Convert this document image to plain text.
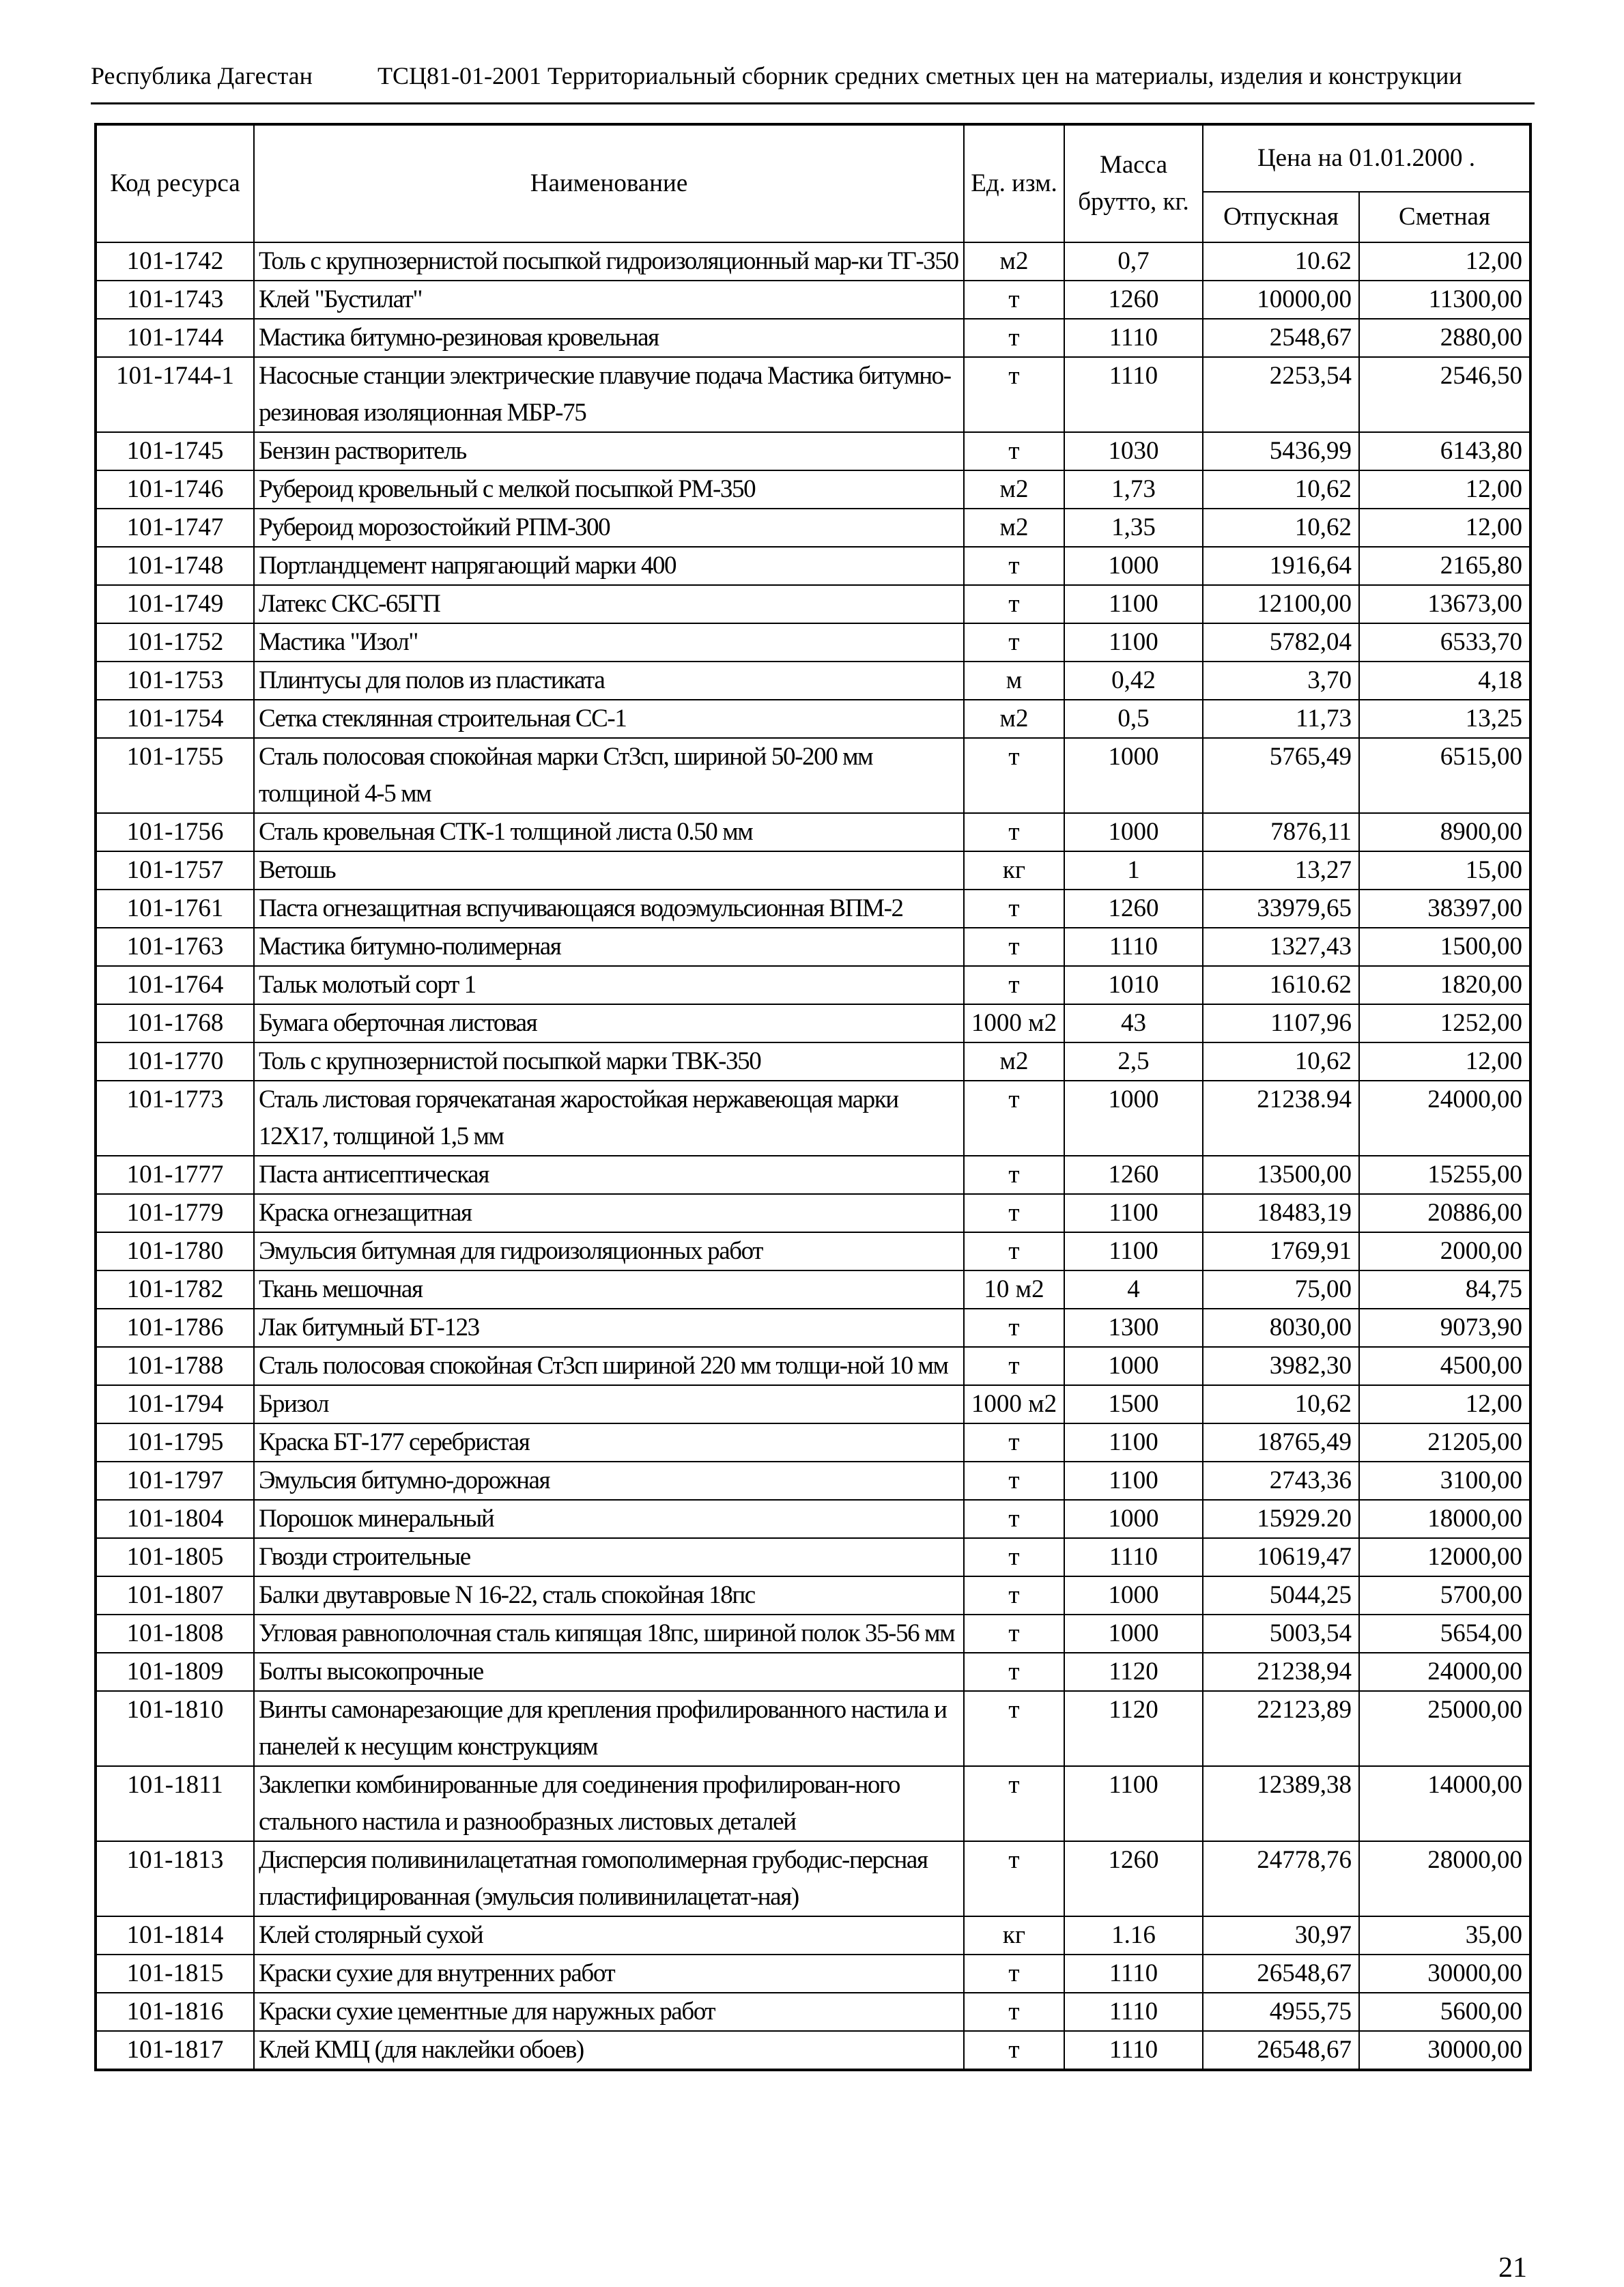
Республика Дагестан	ТСЦ81-01-2001 Территориальный сборник средних сметных цен на материалы, изделия и конструкции
Код ресурса	Наименование	Ед. изм.	Масса брутто, кг.	Цена на 01.01.2000 .	
				Отпускная	Сметная
101-1742	Толь с крупнозернистой посыпкой гидроизоляционный мар-ки ТГ-350	м2	0,7	10.62	12,00
101-1743	Клей "Бустилат"	т	1260	10000,00	11300,00
101-1744	Мастика битумно-резиновая кровельная	т	1110	2548,67	2880,00
101-1744-1	Насосные станции электрические плавучие подача Мастика битумно-резиновая изоляционная МБР-75	т	1110	2253,54	2546,50
101-1745	Бензин растворитель	т	1030	5436,99	6143,80
101-1746	Рубероид кровельный с мелкой посыпкой РМ-350	м2	1,73	10,62	12,00
101-1747	Рубероид морозостойкий РПМ-300	м2	1,35	10,62	12,00
101-1748	Портландцемент напрягающий марки 400	т	1000	1916,64	2165,80
101-1749	Латекс СКС-65ГП	т	1100	12100,00	13673,00
101-1752	Мастика "Изол"	т	1100	5782,04	6533,70
101-1753	Плинтусы для полов из пластиката	м	0,42	3,70	4,18
101-1754	Сетка стеклянная строительная СС-1	м2	0,5	11,73	13,25
101-1755	Сталь полосовая спокойная марки Ст3сп, шириной 50-200 мм толщиной 4-5 мм	т	1000	5765,49	6515,00
101-1756	Сталь кровельная СТК-1 толщиной листа 0.50 мм	т	1000	7876,11	8900,00
101-1757	Ветошь	кг	1	13,27	15,00
101-1761	Паста огнезащитная вспучивающаяся водоэмульсионная ВПМ-2	т	1260	33979,65	38397,00
101-1763	Мастика битумно-полимерная	т	1110	1327,43	1500,00
101-1764	Тальк молотый сорт 1	т	1010	1610.62	1820,00
101-1768	Бумага оберточная листовая	1000 м2	43	1107,96	1252,00
101-1770	Толь с крупнозернистой посыпкой марки ТВК-350	м2	2,5	10,62	12,00
101-1773	Сталь листовая горячекатаная жаростойкая нержавеющая марки 12Х17, толщиной 1,5 мм	т	1000	21238.94	24000,00
101-1777	Паста антисептическая	т	1260	13500,00	15255,00
101-1779	Краска огнезащитная	т	1100	18483,19	20886,00
101-1780	Эмульсия битумная для гидроизоляционных работ	т	1100	1769,91	2000,00
101-1782	Ткань мешочная	10 м2	4	75,00	84,75
101-1786	Лак битумный БТ-123	т	1300	8030,00	9073,90
101-1788	Сталь полосовая спокойная Ст3сп шириной 220 мм толщи-ной 10 мм	т	1000	3982,30	4500,00
101-1794	Бризол	1000 м2	1500	10,62	12,00
101-1795	Краска БТ-177 серебристая	т	1100	18765,49	21205,00
101-1797	Эмульсия битумно-дорожная	т	1100	2743,36	3100,00
101-1804	Порошок минеральный	т	1000	15929.20	18000,00
101-1805	Гвозди строительные	т	1110	10619,47	12000,00
101-1807	Балки двутавровые N 16-22, сталь спокойная 18пс	т	1000	5044,25	5700,00
101-1808	Угловая равнополочная сталь кипящая 18пс, шириной полок 35-56 мм	т	1000	5003,54	5654,00
101-1809	Болты высокопрочные	т	1120	21238,94	24000,00
101-1810	Винты самонарезающие для крепления профилированного настила и панелей к несущим конструкциям	т	1120	22123,89	25000,00
101-1811	Заклепки комбинированные для соединения профилирован-ного стального настила и разнообразных листовых деталей	т	1100	12389,38	14000,00
101-1813	Дисперсия поливинилацетатная гомополимерная грубодис-персная пластифицированная (эмульсия поливинилацетат-ная)	т	1260	24778,76	28000,00
101-1814	Клей столярный сухой	кг	1.16	30,97	35,00
101-1815	Краски сухие для внутренних работ	т	1110	26548,67	30000,00
101-1816	Краски сухие цементные для наружных работ	т	1110	4955,75	5600,00
101-1817	Клей КМЦ (для наклейки обоев)	т	1110	26548,67	30000,00
21
